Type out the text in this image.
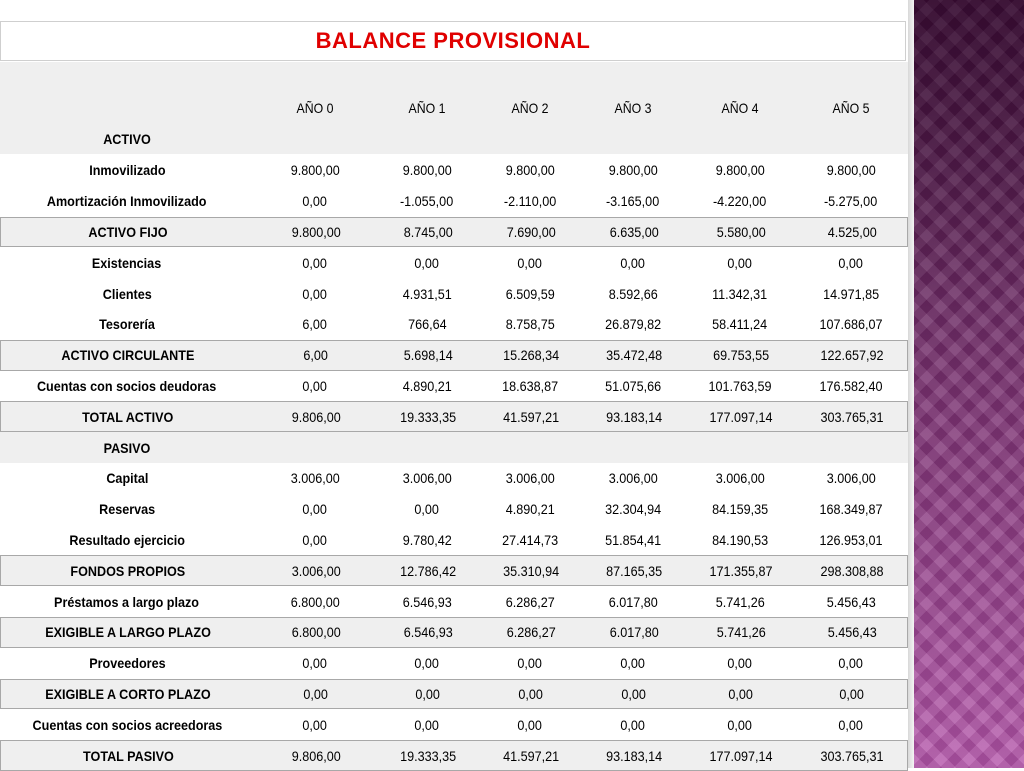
BALANCE PROVISIONAL
AÑO 0	AÑO 1	AÑO 2	AÑO 3	AÑO 4	AÑO 5
ACTIVO
Inmovilizado	9.800,00	9.800,00	9.800,00	9.800,00	9.800,00	9.800,00
Amortización Inmovilizado	0,00	-1.055,00	-2.110,00	-3.165,00	-4.220,00	-5.275,00
ACTIVO FIJO	9.800,00	8.745,00	7.690,00	6.635,00	5.580,00	4.525,00
Existencias	0,00	0,00	0,00	0,00	0,00	0,00
Clientes	0,00	4.931,51	6.509,59	8.592,66	11.342,31	14.971,85
Tesorería	6,00	766,64	8.758,75	26.879,82	58.411,24	107.686,07
ACTIVO CIRCULANTE	6,00	5.698,14	15.268,34	35.472,48	69.753,55	122.657,92
Cuentas con socios deudoras	0,00	4.890,21	18.638,87	51.075,66	101.763,59	176.582,40
TOTAL ACTIVO	9.806,00	19.333,35	41.597,21	93.183,14	177.097,14	303.765,31
PASIVO
Capital	3.006,00	3.006,00	3.006,00	3.006,00	3.006,00	3.006,00
Reservas	0,00	0,00	4.890,21	32.304,94	84.159,35	168.349,87
Resultado ejercicio	0,00	9.780,42	27.414,73	51.854,41	84.190,53	126.953,01
FONDOS PROPIOS	3.006,00	12.786,42	35.310,94	87.165,35	171.355,87	298.308,88
Préstamos a largo plazo	6.800,00	6.546,93	6.286,27	6.017,80	5.741,26	5.456,43
EXIGIBLE A LARGO PLAZO	6.800,00	6.546,93	6.286,27	6.017,80	5.741,26	5.456,43
Proveedores	0,00	0,00	0,00	0,00	0,00	0,00
EXIGIBLE A CORTO PLAZO	0,00	0,00	0,00	0,00	0,00	0,00
Cuentas con socios acreedoras	0,00	0,00	0,00	0,00	0,00	0,00
TOTAL PASIVO	9.806,00	19.333,35	41.597,21	93.183,14	177.097,14	303.765,31
